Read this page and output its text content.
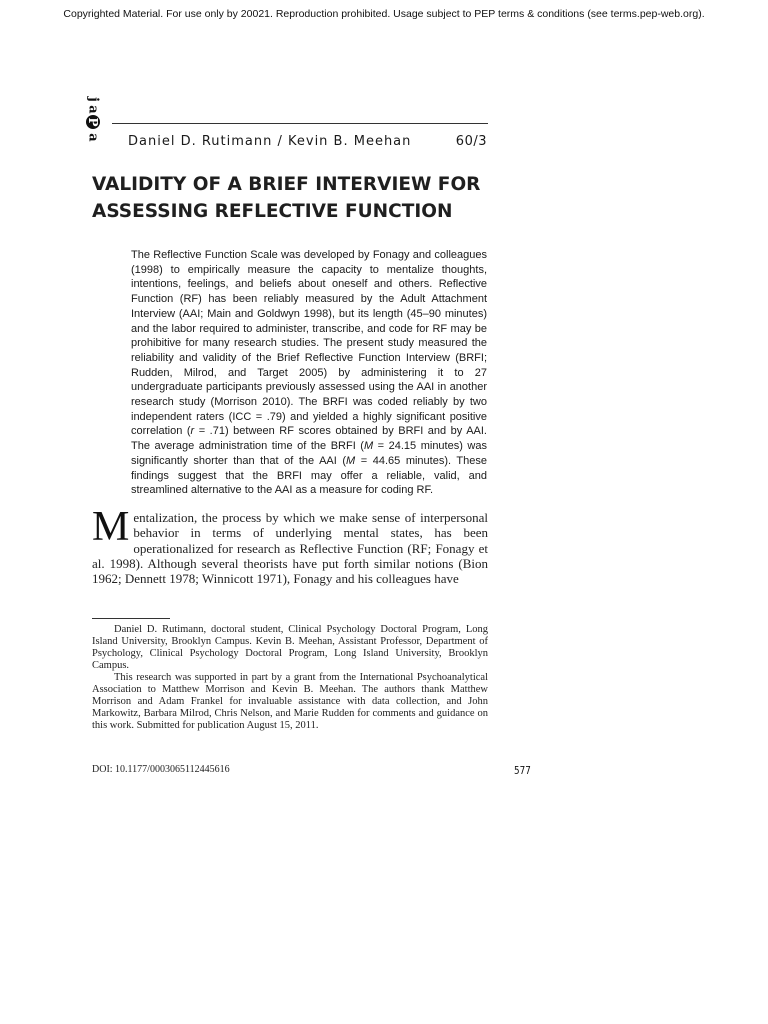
Copyrighted Material. For use only by 20021. Reproduction prohibited. Usage subject to PEP terms & conditions (see terms.pep-web.org).
j
a
P
a Daniel D. Rutimann / Kevin B. Meehan	60/3
VALIDITY OF A BRIEF INTERVIEW FOR
ASSESSING REFLECTIVE FUNCTION

The Reflective Function Scale was developed by Fonagy and colleagues (1998) to empirically measure the capacity to mentalize thoughts, intentions, feelings, and beliefs about oneself and others. Reflective Function (RF) has been reliably measured by the Adult Attachment Interview (AAI; Main and Goldwyn 1998), but its length (45–90 minutes) and the labor required to administer, transcribe, and code for RF may be prohibitive for many research studies. The present study measured the reliability and validity of the Brief Reflective Function Interview (BRFI; Rudden, Milrod, and Target 2005) by administering it to 27 undergraduate participants previously assessed using the AAI in another research study (Morrison 2010). The BRFI was coded reliably by two independent raters (ICC = .79) and yielded a highly significant positive correlation (r = .71) between RF scores obtained by BRFI and by AAI. The average administration time of the BRFI (M = 24.15 minutes) was significantly shorter than that of the AAI (M = 44.65 minutes). These findings suggest that the BRFI may offer a reliable, valid, and streamlined alternative to the AAI as a measure for coding RF.

Mentalization, the process by which we make sense of interpersonal behavior in terms of underlying mental states, has been operationalized for research as Reflective Function (RF; Fonagy et al. 1998). Although several theorists have put forth similar notions (Bion 1962; Dennett 1978; Winnicott 1971), Fonagy and his colleagues have

Daniel D. Rutimann, doctoral student, Clinical Psychology Doctoral Program, Long Island University, Brooklyn Campus. Kevin B. Meehan, Assistant Professor, Department of Psychology, Clinical Psychology Doctoral Program, Long Island University, Brooklyn Campus.

This research was supported in part by a grant from the International Psychoanalytical Association to Matthew Morrison and Kevin B. Meehan. The authors thank Matthew Morrison and Adam Frankel for invaluable assistance with data collection, and John Markowitz, Barbara Milrod, Chris Nelson, and Marie Rudden for comments and guidance on this work. Submitted for publication August 15, 2011.

DOI: 10.1177/0003065112445616	577
